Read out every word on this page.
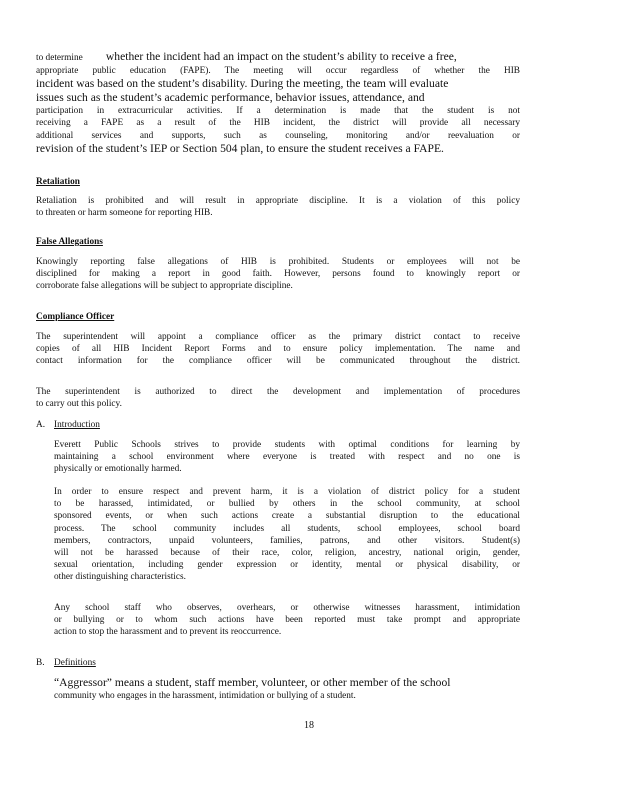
to determine whether the incident had an impact on the student’s ability to receive a free,
appropriate public education (FAPE). The meeting will occur regardless of whether the HIB
incident was based on the student’s disability. During the meeting, the team will evaluate
issues such as the student’s academic performance, behavior issues, attendance, and
participation in extracurricular activities. If a determination is made that the student is not
receiving a FAPE as a result of the HIB incident, the district will provide all necessary
additional services and supports, such as counseling, monitoring and/or reevaluation or
revision of the student’s IEP or Section 504 plan, to ensure the student receives a FAPE.
Retaliation
Retaliation is prohibited and will result in appropriate discipline. It is a violation of this policy
to threaten or harm someone for reporting HIB.
False Allegations
Knowingly reporting false allegations of HIB is prohibited. Students or employees will not be
disciplined for making a report in good faith. However, persons found to knowingly report or
corroborate false allegations will be subject to appropriate discipline.
Compliance Officer
The superintendent will appoint a compliance officer as the primary district contact to receive
copies of all HIB Incident Report Forms and to ensure policy implementation. The name and
contact information for the compliance officer will be communicated throughout the district.
The superintendent is authorized to direct the development and implementation of procedures
to carry out this policy.
A. Introduction
Everett Public Schools strives to provide students with optimal conditions for learning by
maintaining a school environment where everyone is treated with respect and no one is
physically or emotionally harmed.
In order to ensure respect and prevent harm, it is a violation of district policy for a student
to be harassed, intimidated, or bullied by others in the school community, at school
sponsored events, or when such actions create a substantial disruption to the educational
process. The school community includes all students, school employees, school board
members, contractors, unpaid volunteers, families, patrons, and other visitors. Student(s)
will not be harassed because of their race, color, religion, ancestry, national origin, gender,
sexual orientation, including gender expression or identity, mental or physical disability, or
other distinguishing characteristics.
Any school staff who observes, overhears, or otherwise witnesses harassment, intimidation
or bullying or to whom such actions have been reported must take prompt and appropriate
action to stop the harassment and to prevent its reoccurrence.
B. Definitions
“Aggressor” means a student, staff member, volunteer, or other member of the school
community who engages in the harassment, intimidation or bullying of a student.
18
